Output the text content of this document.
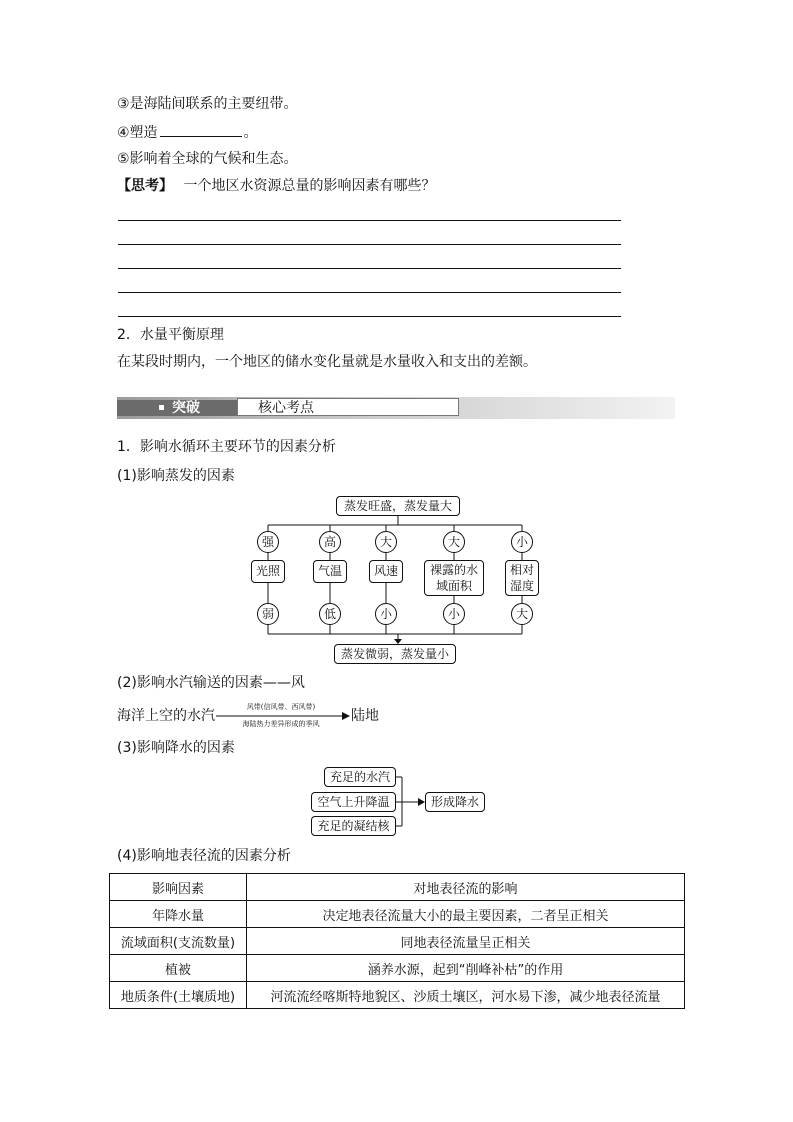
③是海陆间联系的主要纽带。
④塑造	。
⑤影响着全球的气候和生态。
【思考】 一个地区水资源总量的影响因素有哪些？
2．水量平衡原理
在某段时期内，一个地区的储水变化量就是水量收入和支出的差额。
突破	核心考点
1．影响水循环主要环节的因素分析
(1)影响蒸发的因素
蒸发旺盛，蒸发量大
强
光照
弱
高
气温
低
大
风速
小
大
裸露的水
域面积
小
小
相对
湿度
大
蒸发微弱，蒸发量小
(2)影响水汽输送的因素——风
海洋上空的水汽
风带(信风带、西风带)
海陆热力差异形成的季风	陆地
(3)影响降水的因素
充足的水汽
空气上升降温
充足的凝结核
形成降水
(4)影响地表径流的因素分析
影响因素	对地表径流的影响
年降水量	决定地表径流量大小的最主要因素，二者呈正相关
流域面积(支流数量)	同地表径流量呈正相关
植被	涵养水源，起到“削峰补枯”的作用
地质条件(土壤质地)	河流流经喀斯特地貌区、沙质土壤区，河水易下渗，减少地表径流量
